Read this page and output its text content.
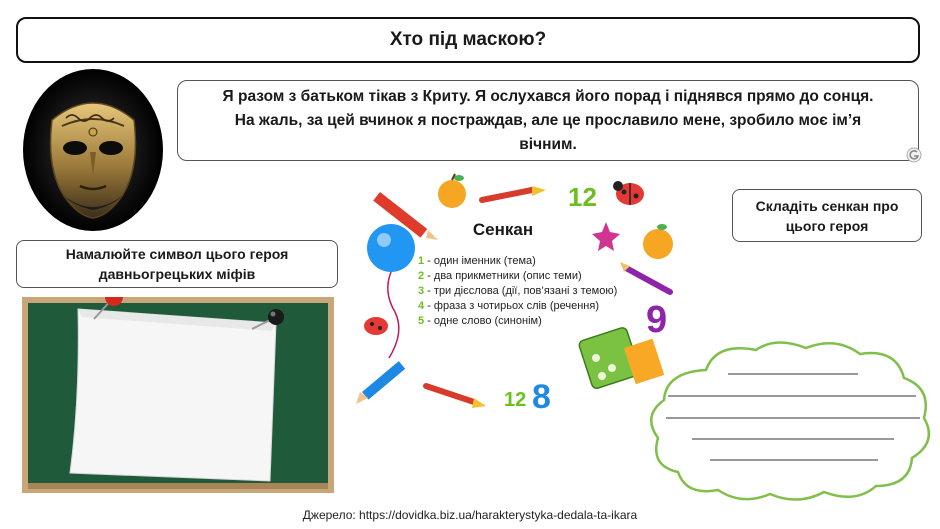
Хто під маскою?
Я разом з батьком тікав з Криту. Я ослухався його порад і піднявся прямо до сонця.
На жаль, за цей вчинок я постраждав, але це прославило мене, зробило моє ім’я
вічним.
Намалюйте символ цього героя
давньогрецьких міфів
Складіть сенкан про
цього героя
12
9
12 8
Сенкан
1 - один іменник (тема)
2 - два прикметники (опис теми)
3 - три дієслова (дії, пов’язані з темою)
4 - фраза з чотирьох слів (речення)
5 - одне слово (синонім)
Джерело: https://dovidka.biz.ua/harakterystyka-dedala-ta-ikara
